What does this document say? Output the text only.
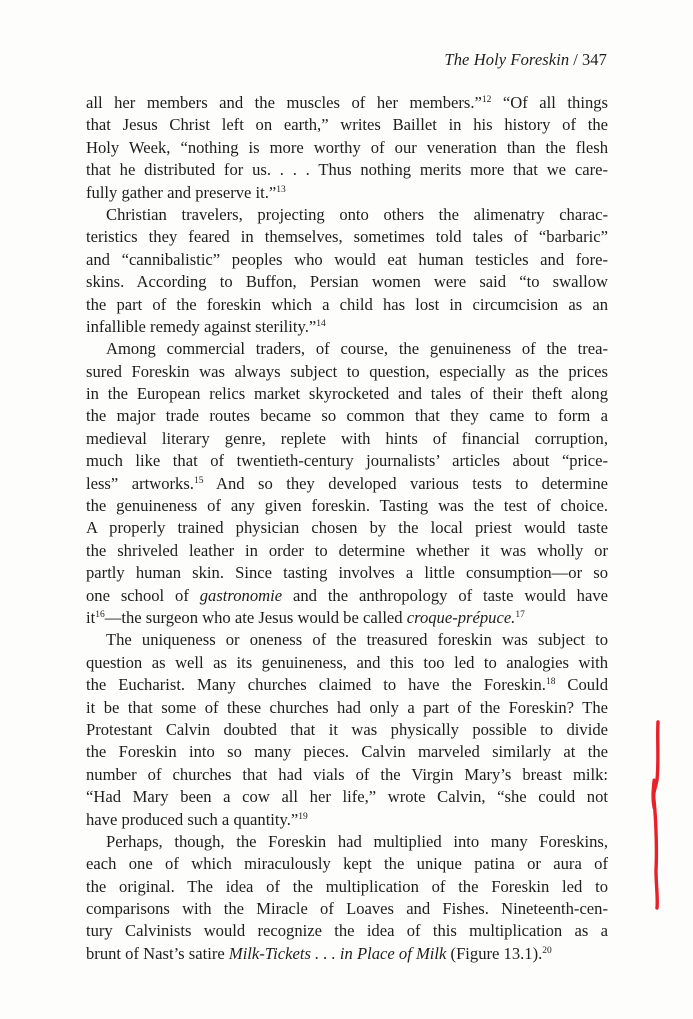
The Holy Foreskin / 347
all her members and the muscles of her members.”$^{12}$ “Of all things
that Jesus Christ left on earth,” writes Baillet in his history of the
Holy Week, “nothing is more worthy of our veneration than the flesh
that he distributed for us. . . . Thus nothing merits more that we care-
fully gather and preserve it.”$^{13}$
Christian travelers, projecting onto others the alimenatry charac-
teristics they feared in themselves, sometimes told tales of “barbaric”
and “cannibalistic” peoples who would eat human testicles and fore-
skins. According to Buffon, Persian women were said “to swallow
the part of the foreskin which a child has lost in circumcision as an
infallible remedy against sterility.”$^{14}$
Among commercial traders, of course, the genuineness of the trea-
sured Foreskin was always subject to question, especially as the prices
in the European relics market skyrocketed and tales of their theft along
the major trade routes became so common that they came to form a
medieval literary genre, replete with hints of financial corruption,
much like that of twentieth-century journalists’ articles about “price-
less” artworks.$^{15}$ And so they developed various tests to determine
the genuineness of any given foreskin. Tasting was the test of choice.
A properly trained physician chosen by the local priest would taste
the shriveled leather in order to determine whether it was wholly or
partly human skin. Since tasting involves a little consumption—or so
one school of gastronomie and the anthropology of taste would have
$it^{16}—the$ surgeon who ate Jesus would be called croque-prépuce.$^{17}$
The uniqueness or oneness of the treasured foreskin was subject to
question as well as its genuineness, and this too led to analogies with
the Eucharist. Many churches claimed to have the Foreskin.$^{18}$ Could
it be that some of these churches had only a part of the Foreskin? The
Protestant Calvin doubted that it was physically possible to divide
the Foreskin into so many pieces. Calvin marveled similarly at the
number of churches that had vials of the Virgin Mary’s breast milk:
“Had Mary been a cow all her life,” wrote Calvin, “she could not
have produced such a quantity.”$^{19}$
Perhaps, though, the Foreskin had multiplied into many Foreskins,
each one of which miraculously kept the unique patina or aura of
the original. The idea of the multiplication of the Foreskin led to
comparisons with the Miracle of Loaves and Fishes. Nineteenth-cen-
tury Calvinists would recognize the idea of this multiplication as a
brunt of Nast’s satire Milk-Tickets . . . in Place of Milk (Figure 13.1).$^{20}$
